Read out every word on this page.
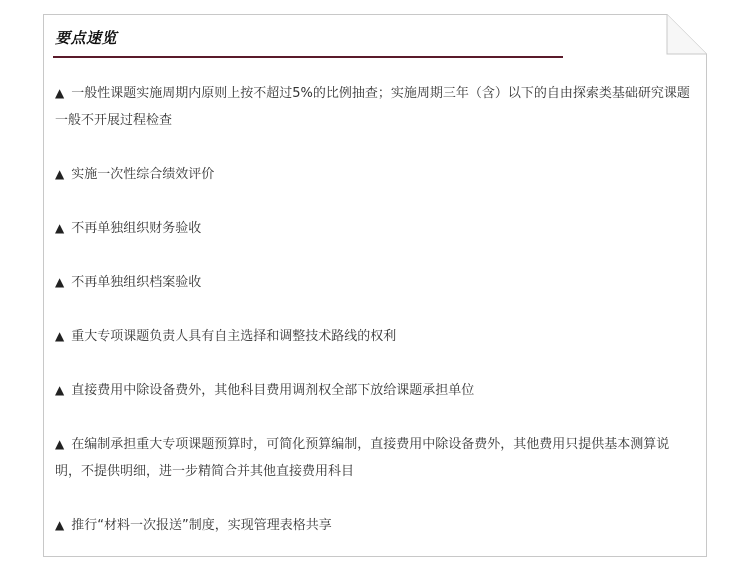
要点速览
▲ 一般性课题实施周期内原则上按不超过5%的比例抽查；实施周期三年（含）以下的自由探索类基础研究课题一般不开展过程检查
▲ 实施一次性综合绩效评价
▲ 不再单独组织财务验收
▲ 不再单独组织档案验收
▲ 重大专项课题负责人具有自主选择和调整技术路线的权利
▲ 直接费用中除设备费外，其他科目费用调剂权全部下放给课题承担单位
▲ 在编制承担重大专项课题预算时，可简化预算编制，直接费用中除设备费外，其他费用只提供基本测算说明，不提供明细，进一步精简合并其他直接费用科目
▲ 推行“材料一次报送”制度，实现管理表格共享
